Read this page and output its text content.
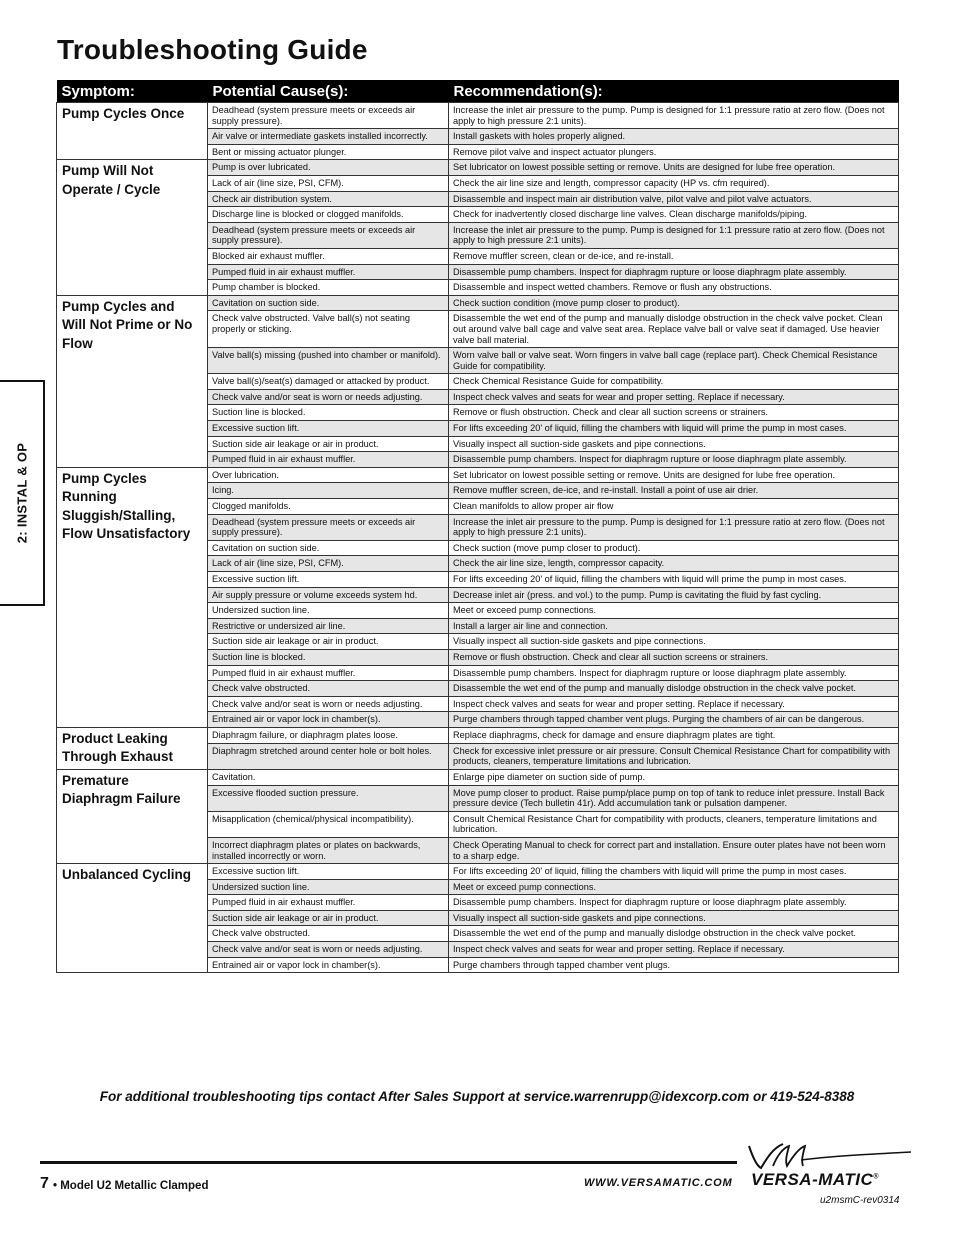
Troubleshooting Guide
2: INSTAL & OP
Symptom:	Potential Cause(s):	Recommendation(s):
Pump Cycles Once	Deadhead (system pressure meets or exceeds air supply pressure).	Increase the inlet air pressure to the pump. Pump is designed for 1:1 pressure ratio at zero flow. (Does not apply to high pressure 2:1 units).
	Air valve or intermediate gaskets installed incorrectly.	Install gaskets with holes properly aligned.
	Bent or missing actuator plunger.	Remove pilot valve and inspect actuator plungers.
Pump Will Not Operate / Cycle	Pump is over lubricated.	Set lubricator on lowest possible setting or remove. Units are designed for lube free operation.
	Lack of air (line size, PSI, CFM).	Check the air line size and length, compressor capacity (HP vs. cfm required).
	Check air distribution system.	Disassemble and inspect main air distribution valve, pilot valve and pilot valve actuators.
	Discharge line is blocked or clogged manifolds.	Check for inadvertently closed discharge line valves. Clean discharge manifolds/piping.
	Deadhead (system pressure meets or exceeds air supply pressure).	Increase the inlet air pressure to the pump. Pump is designed for 1:1 pressure ratio at zero flow. (Does not apply to high pressure 2:1 units).
	Blocked air exhaust muffler.	Remove muffler screen, clean or de-ice, and re-install.
	Pumped fluid in air exhaust muffler.	Disassemble pump chambers. Inspect for diaphragm rupture or loose diaphragm plate assembly.
	Pump chamber is blocked.	Disassemble and inspect wetted chambers. Remove or flush any obstructions.
Pump Cycles and Will Not Prime or No Flow	Cavitation on suction side.	Check suction condition (move pump closer to product).
	Check valve obstructed. Valve ball(s) not seating properly or sticking.	Disassemble the wet end of the pump and manually dislodge obstruction in the check valve pocket. Clean out around valve ball cage and valve seat area. Replace valve ball or valve seat if damaged. Use heavier valve ball material.
	Valve ball(s) missing (pushed into chamber or manifold).	Worn valve ball or valve seat. Worn fingers in valve ball cage (replace part). Check Chemical Resistance Guide for compatibility.
	Valve ball(s)/seat(s) damaged or attacked by product.	Check Chemical Resistance Guide for compatibility.
	Check valve and/or seat is worn or needs adjusting.	Inspect check valves and seats for wear and proper setting. Replace if necessary.
	Suction line is blocked.	Remove or flush obstruction. Check and clear all suction screens or strainers.
	Excessive suction lift.	For lifts exceeding 20' of liquid, filling the chambers with liquid will prime the pump in most cases.
	Suction side air leakage or air in product.	Visually inspect all suction-side gaskets and pipe connections.
	Pumped fluid in air exhaust muffler.	Disassemble pump chambers. Inspect for diaphragm rupture or loose diaphragm plate assembly.
Pump Cycles Running Sluggish/Stalling, Flow Unsatisfactory	Over lubrication.	Set lubricator on lowest possible setting or remove. Units are designed for lube free operation.
	Icing.	Remove muffler screen, de-ice, and re-install. Install a point of use air drier.
	Clogged manifolds.	Clean manifolds to allow proper air flow
	Deadhead (system pressure meets or exceeds air supply pressure).	Increase the inlet air pressure to the pump. Pump is designed for 1:1 pressure ratio at zero flow. (Does not apply to high pressure 2:1 units).
	Cavitation on suction side.	Check suction (move pump closer to product).
	Lack of air (line size, PSI, CFM).	Check the air line size, length, compressor capacity.
	Excessive suction lift.	For lifts exceeding 20' of liquid, filling the chambers with liquid will prime the pump in most cases.
	Air supply pressure or volume exceeds system hd.	Decrease inlet air (press. and vol.) to the pump. Pump is cavitating the fluid by fast cycling.
	Undersized suction line.	Meet or exceed pump connections.
	Restrictive or undersized air line.	Install a larger air line and connection.
	Suction side air leakage or air in product.	Visually inspect all suction-side gaskets and pipe connections.
	Suction line is blocked.	Remove or flush obstruction. Check and clear all suction screens or strainers.
	Pumped fluid in air exhaust muffler.	Disassemble pump chambers. Inspect for diaphragm rupture or loose diaphragm plate assembly.
	Check valve obstructed.	Disassemble the wet end of the pump and manually dislodge obstruction in the check valve pocket.
	Check valve and/or seat is worn or needs adjusting.	Inspect check valves and seats for wear and proper setting. Replace if necessary.
	Entrained air or vapor lock in chamber(s).	Purge chambers through tapped chamber vent plugs. Purging the chambers of air can be dangerous.
Product Leaking Through Exhaust	Diaphragm failure, or diaphragm plates loose.	Replace diaphragms, check for damage and ensure diaphragm plates are tight.
	Diaphragm stretched around center hole or bolt holes.	Check for excessive inlet pressure or air pressure. Consult Chemical Resistance Chart for compatibility with products, cleaners, temperature limitations and lubrication.
Premature Diaphragm Failure	Cavitation.	Enlarge pipe diameter on suction side of pump.
	Excessive flooded suction pressure.	Move pump closer to product. Raise pump/place pump on top of tank to reduce inlet pressure. Install Back pressure device (Tech bulletin 41r). Add accumulation tank or pulsation dampener.
	Misapplication (chemical/physical incompatibility).	Consult Chemical Resistance Chart for compatibility with products, cleaners, temperature limitations and lubrication.
	Incorrect diaphragm plates or plates on backwards, installed incorrectly or worn.	Check Operating Manual to check for correct part and installation. Ensure outer plates have not been worn to a sharp edge.
Unbalanced Cycling	Excessive suction lift.	For lifts exceeding 20' of liquid, filling the chambers with liquid will prime the pump in most cases.
	Undersized suction line.	Meet or exceed pump connections.
	Pumped fluid in air exhaust muffler.	Disassemble pump chambers. Inspect for diaphragm rupture or loose diaphragm plate assembly.
	Suction side air leakage or air in product.	Visually inspect all suction-side gaskets and pipe connections.
	Check valve obstructed.	Disassemble the wet end of the pump and manually dislodge obstruction in the check valve pocket.
	Check valve and/or seat is worn or needs adjusting.	Inspect check valves and seats for wear and proper setting. Replace if necessary.
	Entrained air or vapor lock in chamber(s).	Purge chambers through tapped chamber vent plugs.
For additional troubleshooting tips contact After Sales Support at service.warrenrupp@idexcorp.com or 419-524-8388
7 • Model U2 Metallic Clamped	WWW.VERSAMATIC.COM VERSA-MATIC®
u2msmC-rev0314
